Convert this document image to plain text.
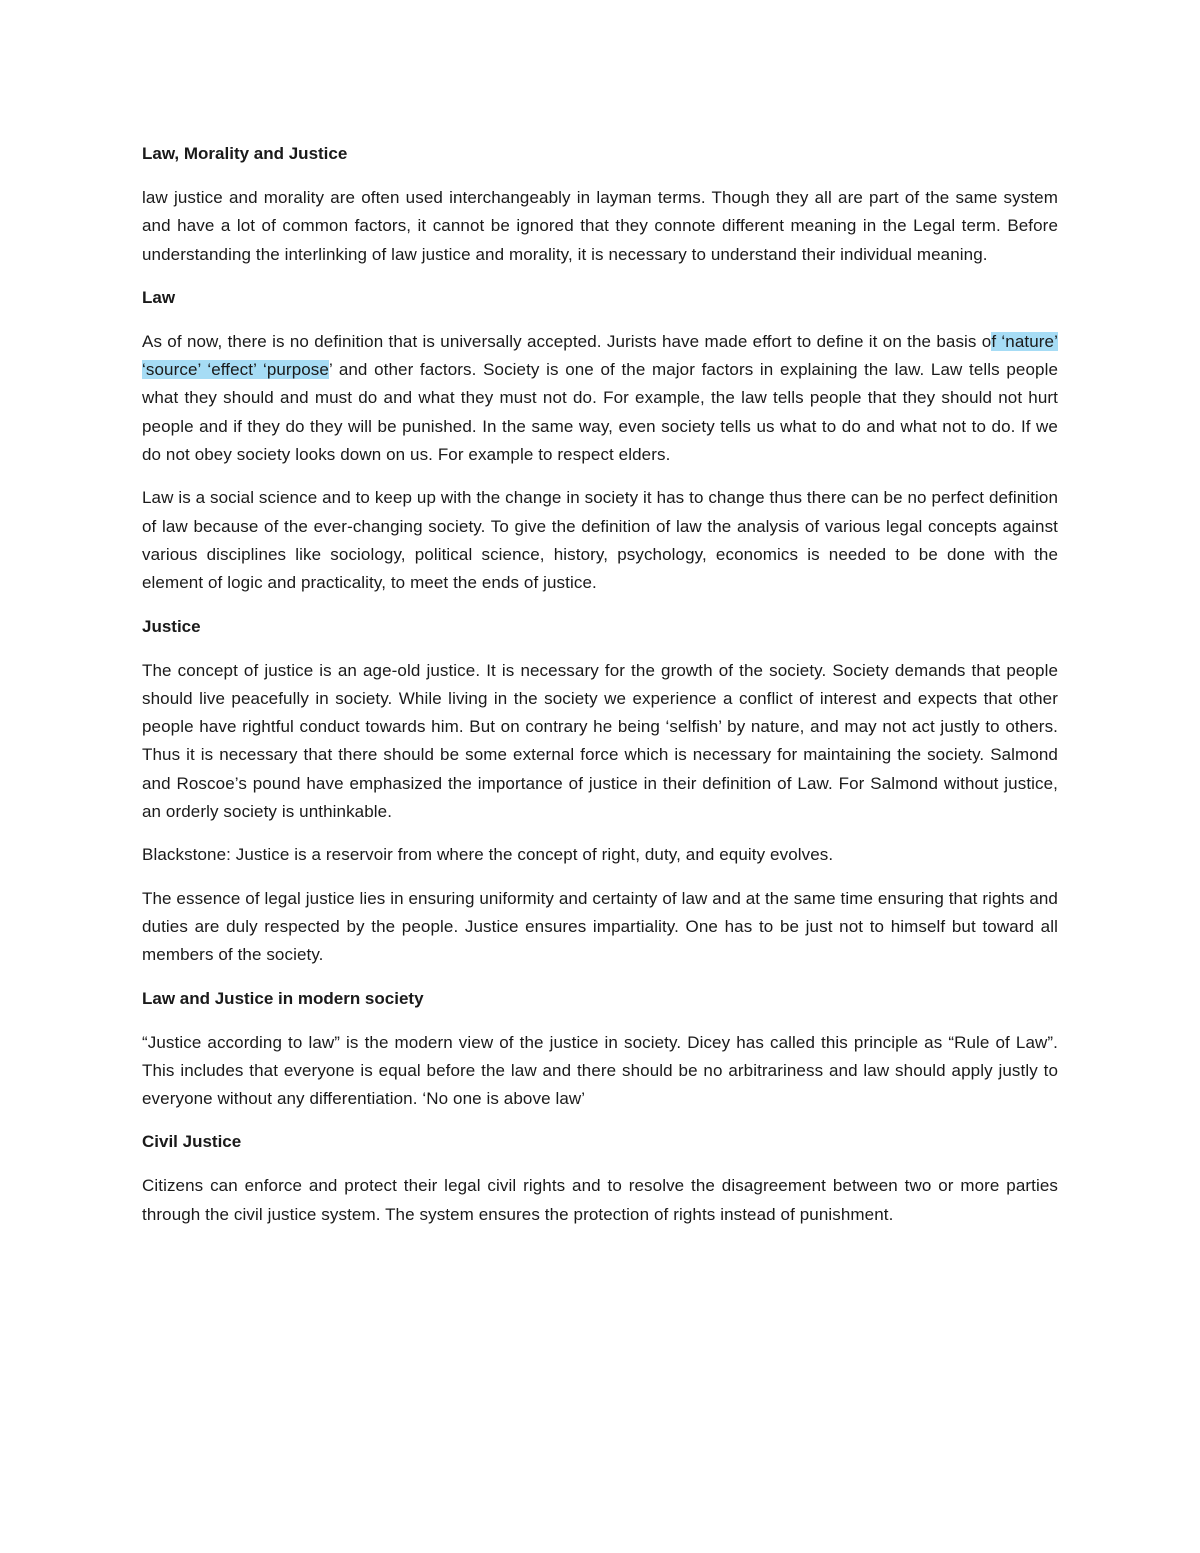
Law, Morality and Justice

law justice and morality are often used interchangeably in layman terms. Though they all are part of the same system and have a lot of common factors, it cannot be ignored that they connote different meaning in the Legal term. Before understanding the interlinking of law justice and morality, it is necessary to understand their individual meaning.

Law

As of now, there is no definition that is universally accepted. Jurists have made effort to define it on the basis of ‘nature’ ‘source’ ‘effect’ ‘purpose’ and other factors. Society is one of the major factors in explaining the law. Law tells people what they should and must do and what they must not do. For example, the law tells people that they should not hurt people and if they do they will be punished. In the same way, even society tells us what to do and what not to do. If we do not obey society looks down on us. For example to respect elders.

Law is a social science and to keep up with the change in society it has to change thus there can be no perfect definition of law because of the ever-changing society. To give the definition of law the analysis of various legal concepts against various disciplines like sociology, political science, history, psychology, economics is needed to be done with the element of logic and practicality, to meet the ends of justice.

Justice

The concept of justice is an age-old justice. It is necessary for the growth of the society. Society demands that people should live peacefully in society. While living in the society we experience a conflict of interest and expects that other people have rightful conduct towards him. But on contrary he being ‘selfish’ by nature, and may not act justly to others. Thus it is necessary that there should be some external force which is necessary for maintaining the society. Salmond and Roscoe’s pound have emphasized the importance of justice in their definition of Law. For Salmond without justice, an orderly society is unthinkable.

Blackstone: Justice is a reservoir from where the concept of right, duty, and equity evolves.

The essence of legal justice lies in ensuring uniformity and certainty of law and at the same time ensuring that rights and duties are duly respected by the people. Justice ensures impartiality. One has to be just not to himself but toward all members of the society.

Law and Justice in modern society

“Justice according to law” is the modern view of the justice in society. Dicey has called this principle as “Rule of Law”. This includes that everyone is equal before the law and there should be no arbitrariness and law should apply justly to everyone without any differentiation. ‘No one is above law’

Civil Justice

Citizens can enforce and protect their legal civil rights and to resolve the disagreement between two or more parties through the civil justice system. The system ensures the protection of rights instead of punishment.
